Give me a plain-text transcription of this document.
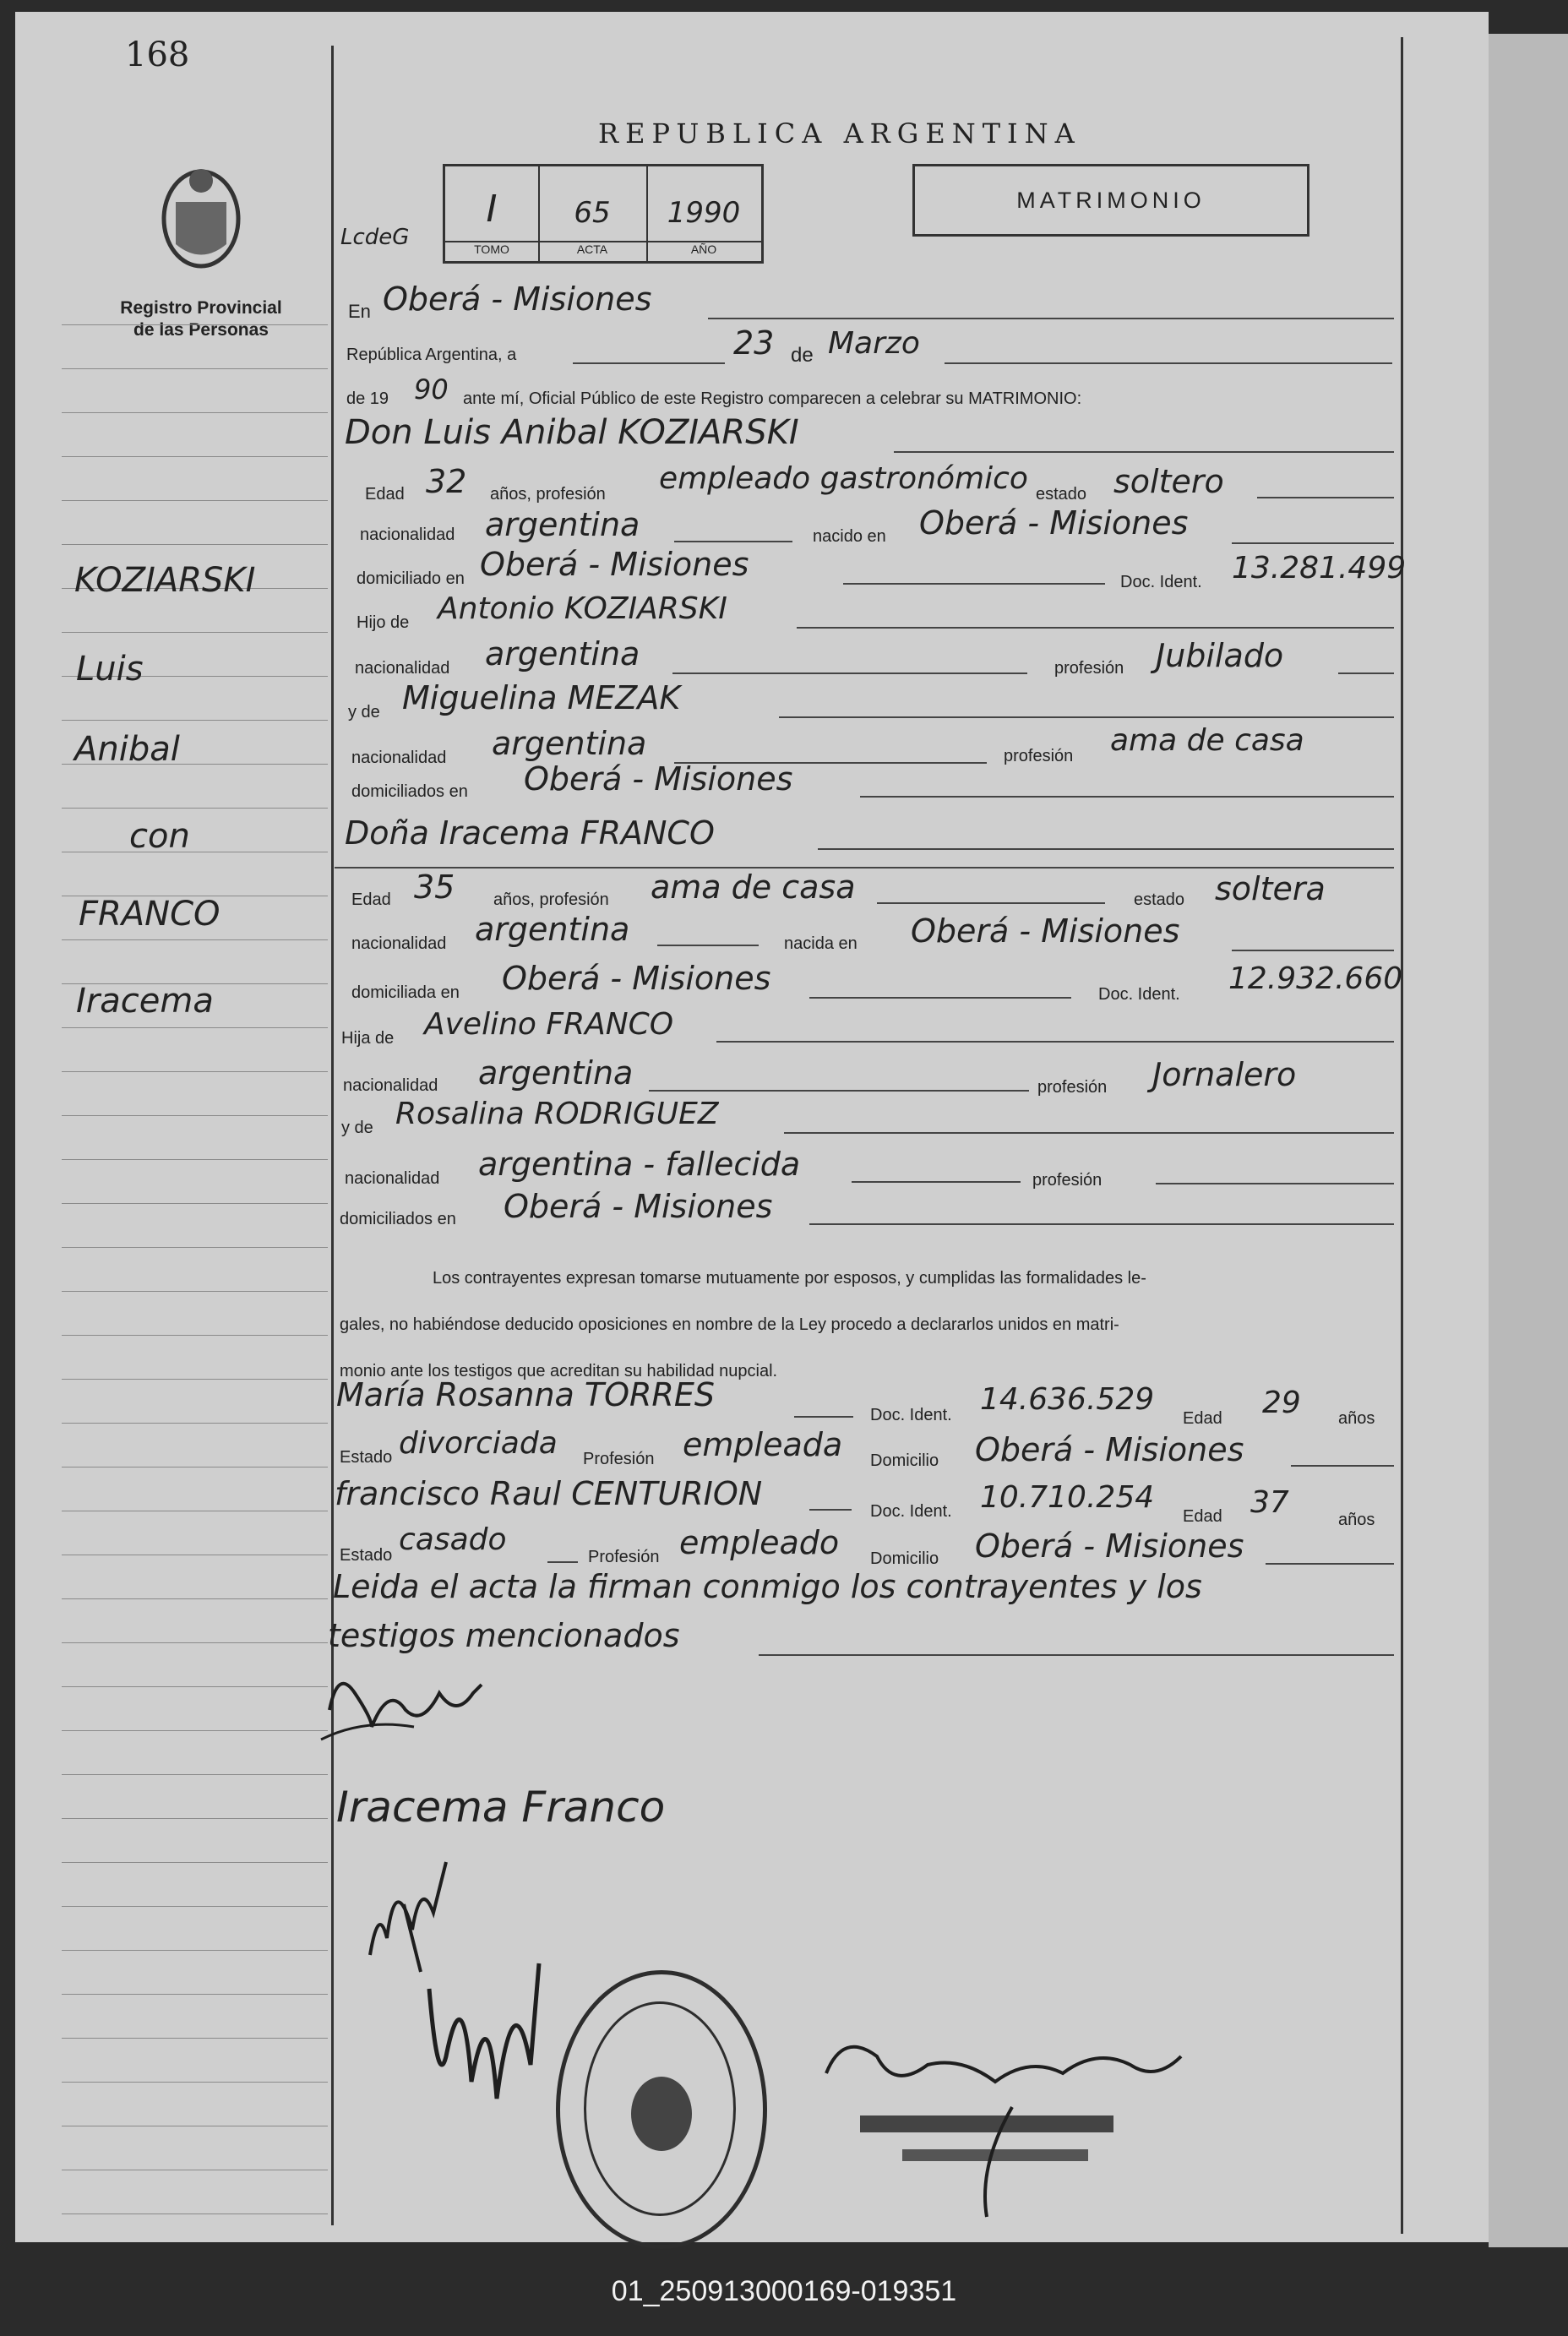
168
Registro Provincial
de las Personas
KOZIARSKI
Luis
Anibal
con
FRANCO
Iracema
REPUBLICA ARGENTINA
MATRIMONIO
LcdeG
I	65	1990
TOMO	ACTA	AÑO
En Oberá - Misiones
República Argentina, a	23 de Marzo
de 19 90 ante mí, Oficial Público de este Registro comparecen a celebrar su MATRIMONIO:
Don Luis Anibal KOZIARSKI
Edad 32 años, profesión empleado gastronómico estado soltero
nacionalidad argentina	nacido en Oberá - Misiones
domiciliado en Oberá - Misiones	Doc. Ident. 13.281.499
Hijo de Antonio KOZIARSKI
nacionalidad argentina	profesión Jubilado
y de Miguelina MEZAK
nacionalidad argentina	profesión ama de casa
domiciliados en Oberá - Misiones
Doña Iracema FRANCO
Edad 35 años, profesión ama de casa	estado soltera
nacionalidad argentina	nacida en Oberá - Misiones
domiciliada en Oberá - Misiones	Doc. Ident. 12.932.660
Hija de Avelino FRANCO
nacionalidad argentina	profesión Jornalero
y de Rosalina RODRIGUEZ
nacionalidad argentina - fallecida	profesión
domiciliados en Oberá - Misiones
Los contrayentes expresan tomarse mutuamente por esposos, y cumplidas las formalidades le-
gales, no habiéndose deducido oposiciones en nombre de la Ley procedo a declararlos unidos en matri-
monio ante los testigos que acreditan su habilidad nupcial.
María Rosanna TORRES
Doc. Ident. 14.636.529
Edad 29 años
Estado divorciada Profesión empleada Domicilio Oberá - Misiones
francisco Raul CENTURION	Doc. Ident. 10.710.254
Edad 37	años
Estado casado	Profesión empleado Domicilio Oberá - Misiones
Leida el acta la firman conmigo los contrayentes y los
testigos mencionados
Iracema Franco
01_250913000169-019351
